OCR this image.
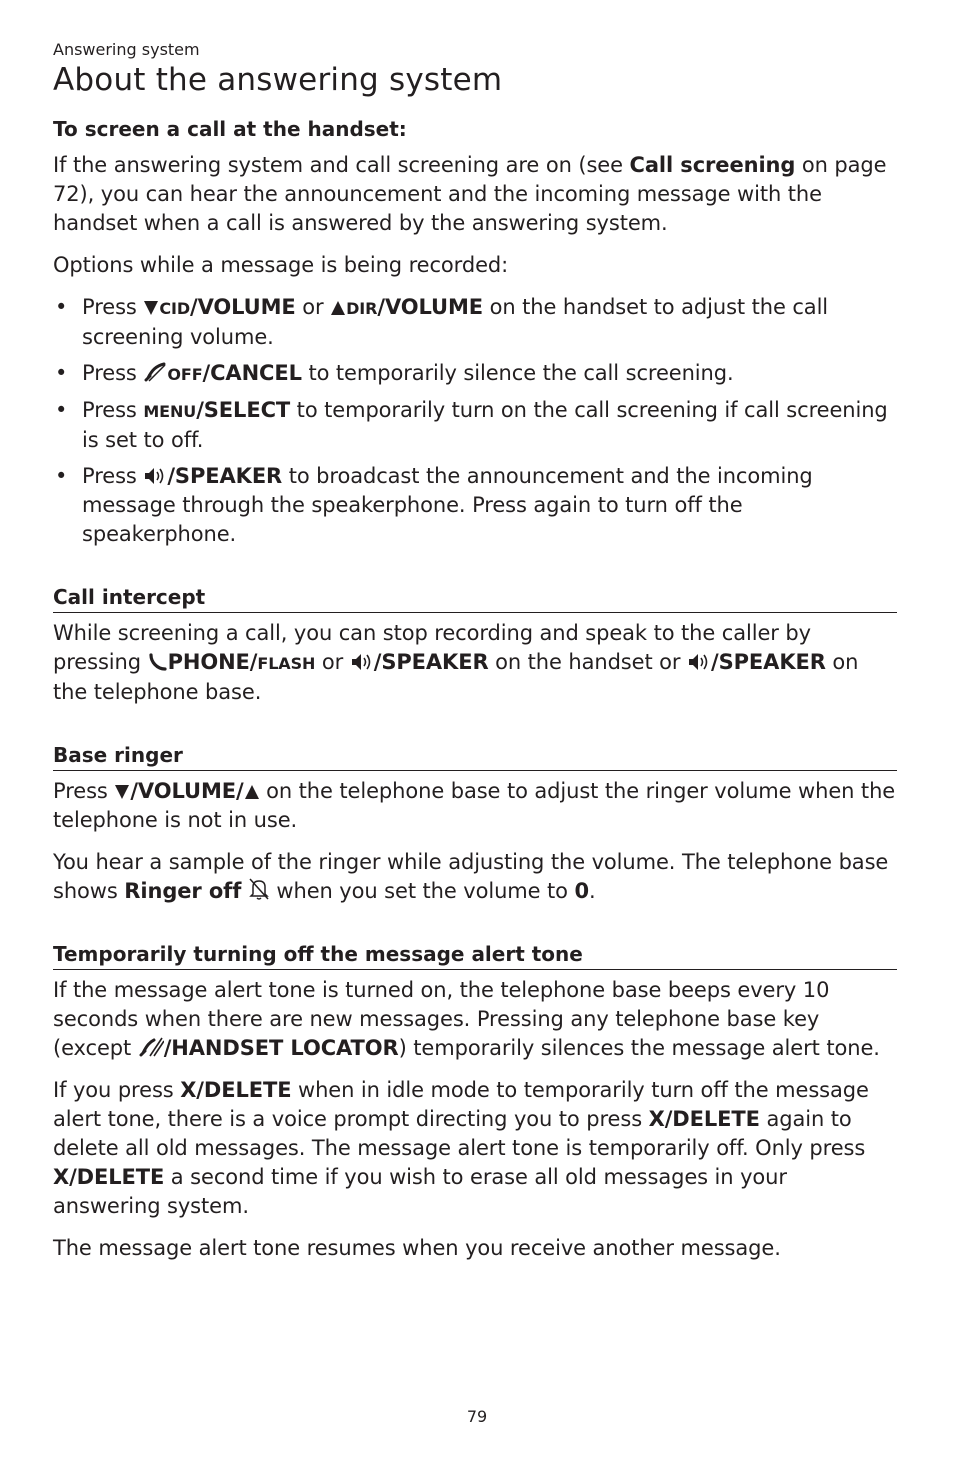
Answering system
About the answering system
To screen a call at the handset:

If the answering system and call screening are on (see Call screening on page 72), you can hear the announcement and the incoming message with the handset when a call is answered by the answering system.

Options while a message is being recorded:

• Press CID/VOLUME or DIR/VOLUME on the handset to adjust the call screening volume.
• Press OFF/CANCEL to temporarily silence the call screening.
• Press MENU/SELECT to temporarily turn on the call screening if call screening is set to off.
• Press /SPEAKER to broadcast the announcement and the incoming message through the speakerphone. Press again to turn off the speakerphone.
Call intercept

While screening a call, you can stop recording and speak to the caller by pressing PHONE/FLASH or /SPEAKER on the handset or /SPEAKER on the telephone base.

Base ringer

Press /VOLUME/ on the telephone base to adjust the ringer volume when the telephone is not in use.

You hear a sample of the ringer while adjusting the volume. The telephone base shows Ringer off  when you set the volume to 0.

Temporarily turning off the message alert tone

If the message alert tone is turned on, the telephone base beeps every 10 seconds when there are new messages. Pressing any telephone base key (except /HANDSET LOCATOR) temporarily silences the message alert tone.

If you press X/DELETE when in idle mode to temporarily turn off the message alert tone, there is a voice prompt directing you to press X/DELETE again to delete all old messages. The message alert tone is temporarily off. Only press X/DELETE a second time if you wish to erase all old messages in your answering system.

The message alert tone resumes when you receive another message.

79
